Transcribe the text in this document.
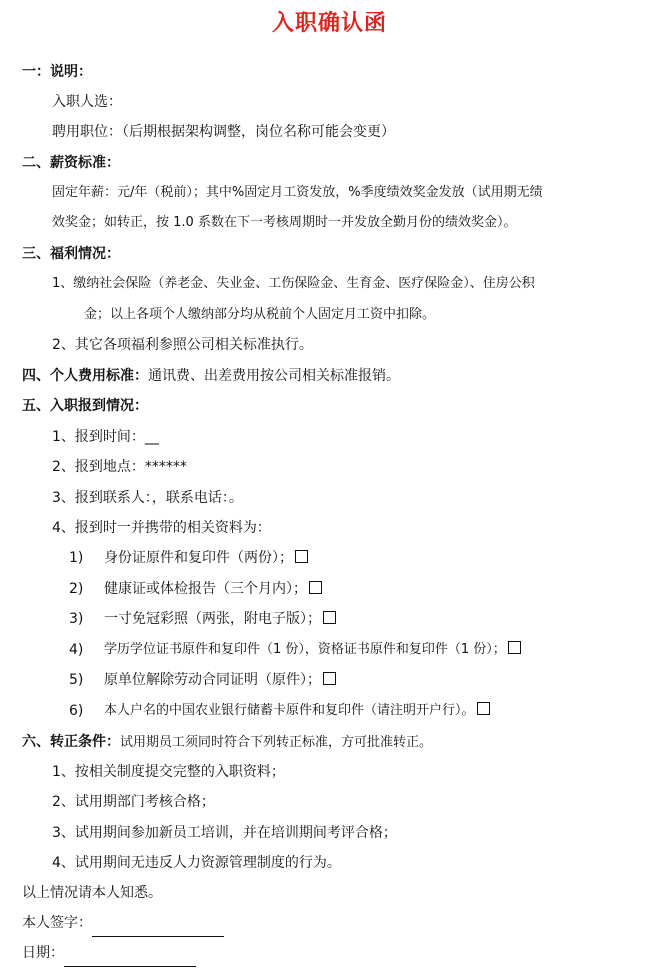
入职确认函
一：说明：
入职人选：
聘用职位：（后期根据架构调整，岗位名称可能会变更）
二、薪资标准：
固定年薪：元/年（税前）；其中%固定月工资发放，%季度绩效奖金发放（试用期无绩
效奖金；如转正，按 1.0 系数在下一考核周期时一并发放全勤月份的绩效奖金）。
三、福利情况：
1、缴纳社会保险（养老金、失业金、工伤保险金、生育金、医疗保险金）、住房公积
金；以上各项个人缴纳部分均从税前个人固定月工资中扣除。
2、其它各项福利参照公司相关标准执行。
四、个人费用标准：通讯费、出差费用按公司相关标准报销。
五、入职报到情况：
1、报到时间：__
2、报到地点：******
3、报到联系人：，联系电话：。
4、报到时一并携带的相关资料为：
1) 身份证原件和复印件（两份）；
2) 健康证或体检报告（三个月内）；
3) 一寸免冠彩照（两张，附电子版）；
4) 学历学位证书原件和复印件（1 份），资格证书原件和复印件（1 份）；
5) 原单位解除劳动合同证明（原件）；
6) 本人户名的中国农业银行储蓄卡原件和复印件（请注明开户行）。
六、转正条件：试用期员工须同时符合下列转正标准，方可批准转正。
1、按相关制度提交完整的入职资料；
2、试用期部门考核合格；
3、试用期间参加新员工培训，并在培训期间考评合格；
4、试用期间无违反人力资源管理制度的行为。
以上情况请本人知悉。
本人签字：
日期：
